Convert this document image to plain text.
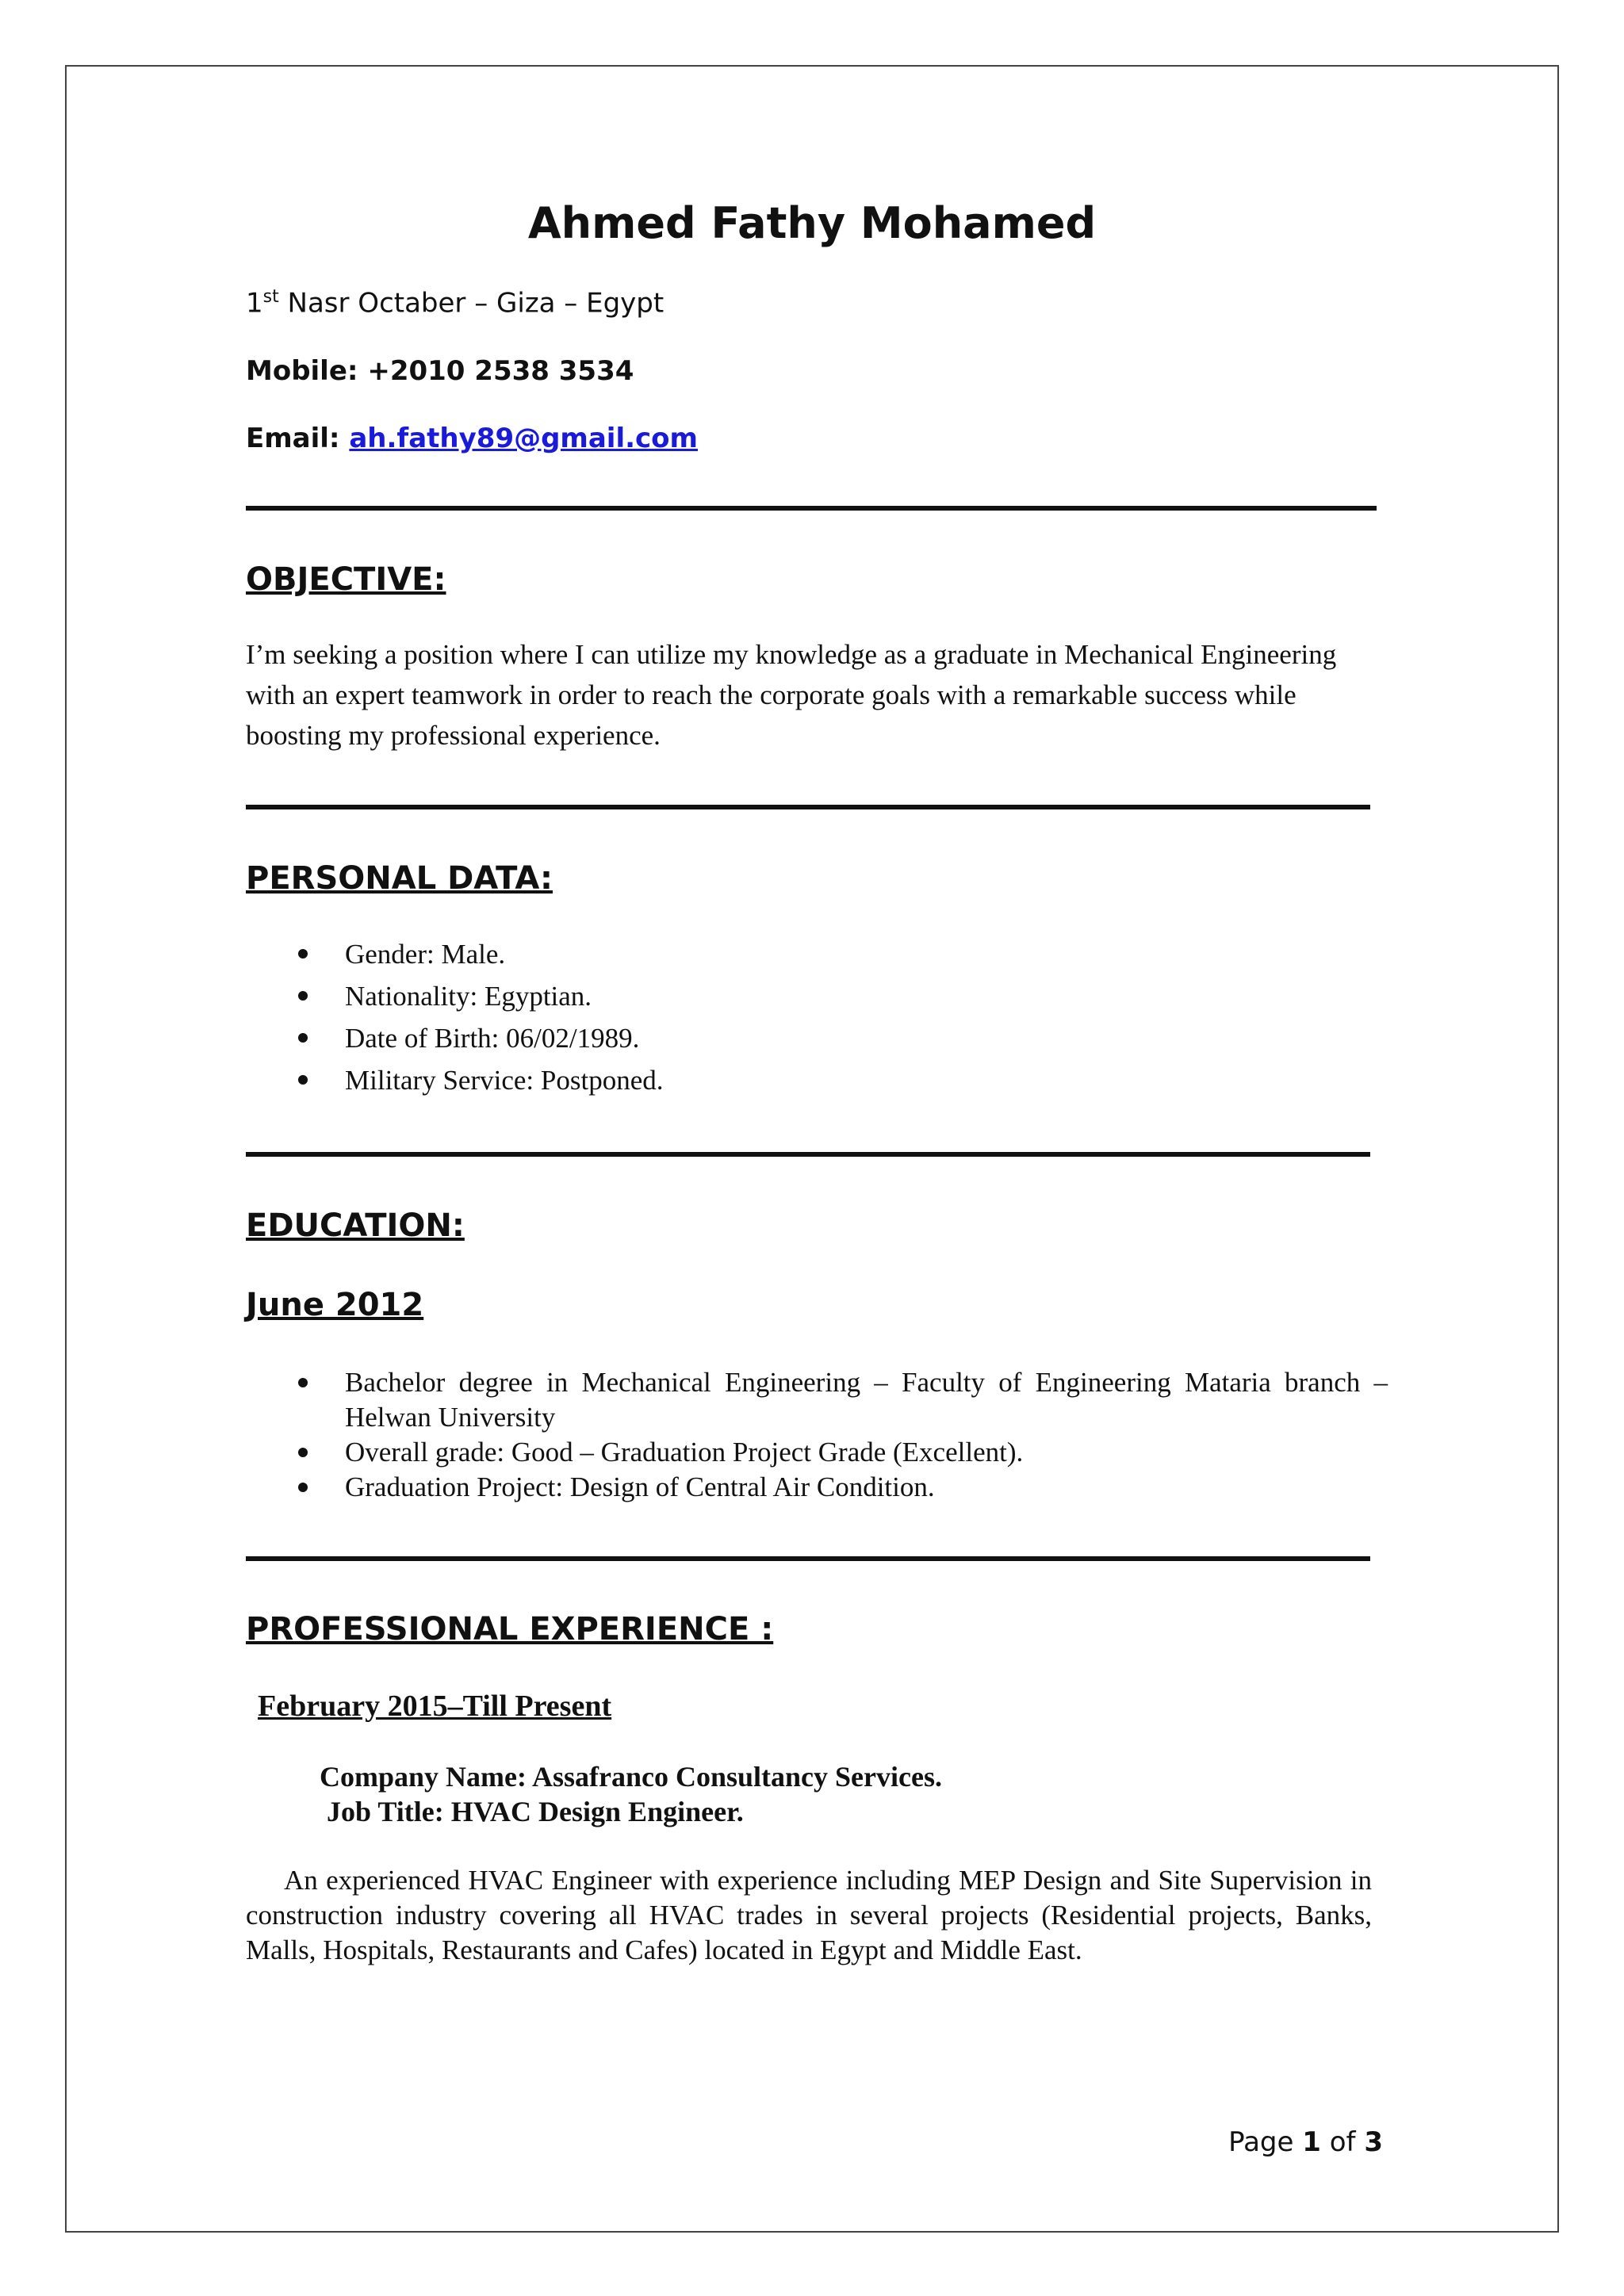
Ahmed Fathy Mohamed
1st Nasr Octaber – Giza – Egypt
Mobile: +2010 2538 3534
Email: ah.fathy89@gmail.com
OBJECTIVE:

I’m seeking a position where I can utilize my knowledge as a graduate in Mechanical Engineering with an expert teamwork in order to reach the corporate goals with a remarkable success while boosting my professional experience.

PERSONAL DATA:
Gender: Male.
Nationality: Egyptian.
Date of Birth: 06/02/1989.
Military Service: Postponed.
EDUCATION:
June 2012
Bachelor degree in Mechanical Engineering – Faculty of Engineering Mataria branch – Helwan University
Overall grade: Good – Graduation Project Grade (Excellent).
Graduation Project: Design of Central Air Condition.
PROFESSIONAL EXPERIENCE :
February 2015–Till Present
Company Name: Assafranco Consultancy Services.
Job Title: HVAC Design Engineer.

An experienced HVAC Engineer with experience including MEP Design and Site Supervision in construction industry covering all HVAC trades in several projects (Residential projects, Banks, Malls, Hospitals, Restaurants and Cafes) located in Egypt and Middle East.

Page 1 of 3
